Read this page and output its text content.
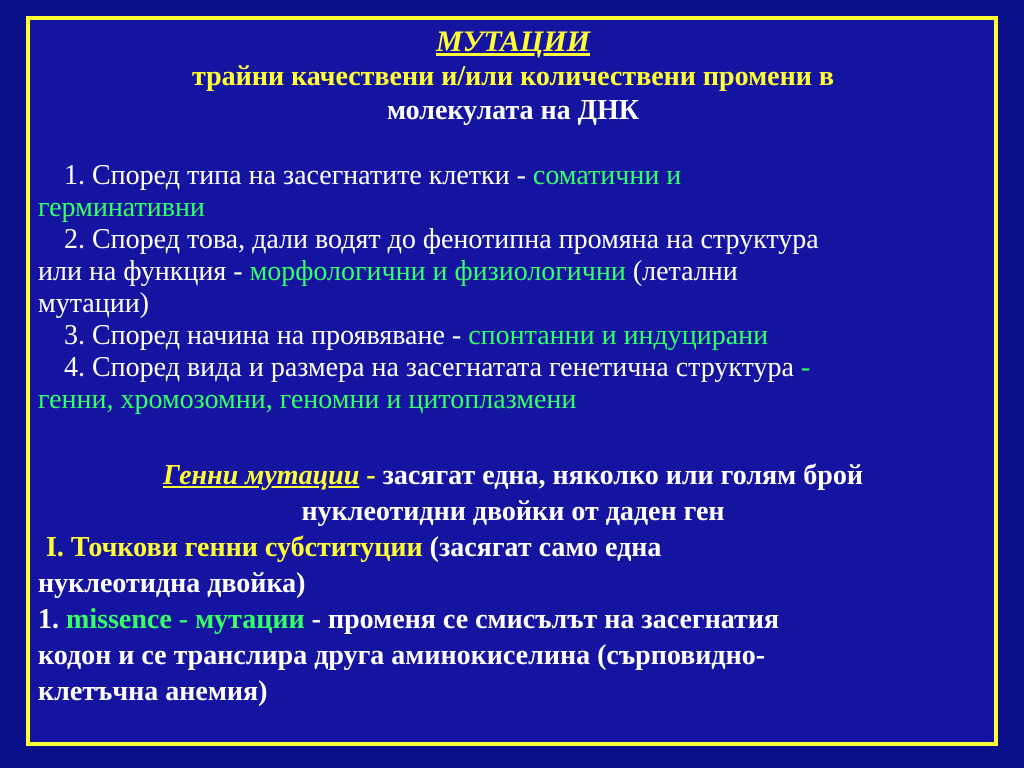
МУТАЦИИ

трайни качествени и/или количествени промени в
молекулата на ДНК

1. Според типа на засегнатите клетки - соматични и

герминативни

2. Според това, дали водят до фенотипна промяна на структура

или на функция - морфологични и физиологични (летални

мутации)

3. Според начина на проявяване - спонтанни и индуцирани

4. Според вида и размера на засегнатата генетична структура -

генни, хромозомни, геномни и цитоплазмени

Генни мутации - засягат една, няколко или голям брой

нуклеотидни двойки от даден ген

I. Точкови генни субституции (засягат само една

нуклеотидна двойка)

1. missence - мутации - променя се смисълът на засегнатия

кодон и се транслира друга аминокиселина (сърповидно-

клетъчна анемия)
